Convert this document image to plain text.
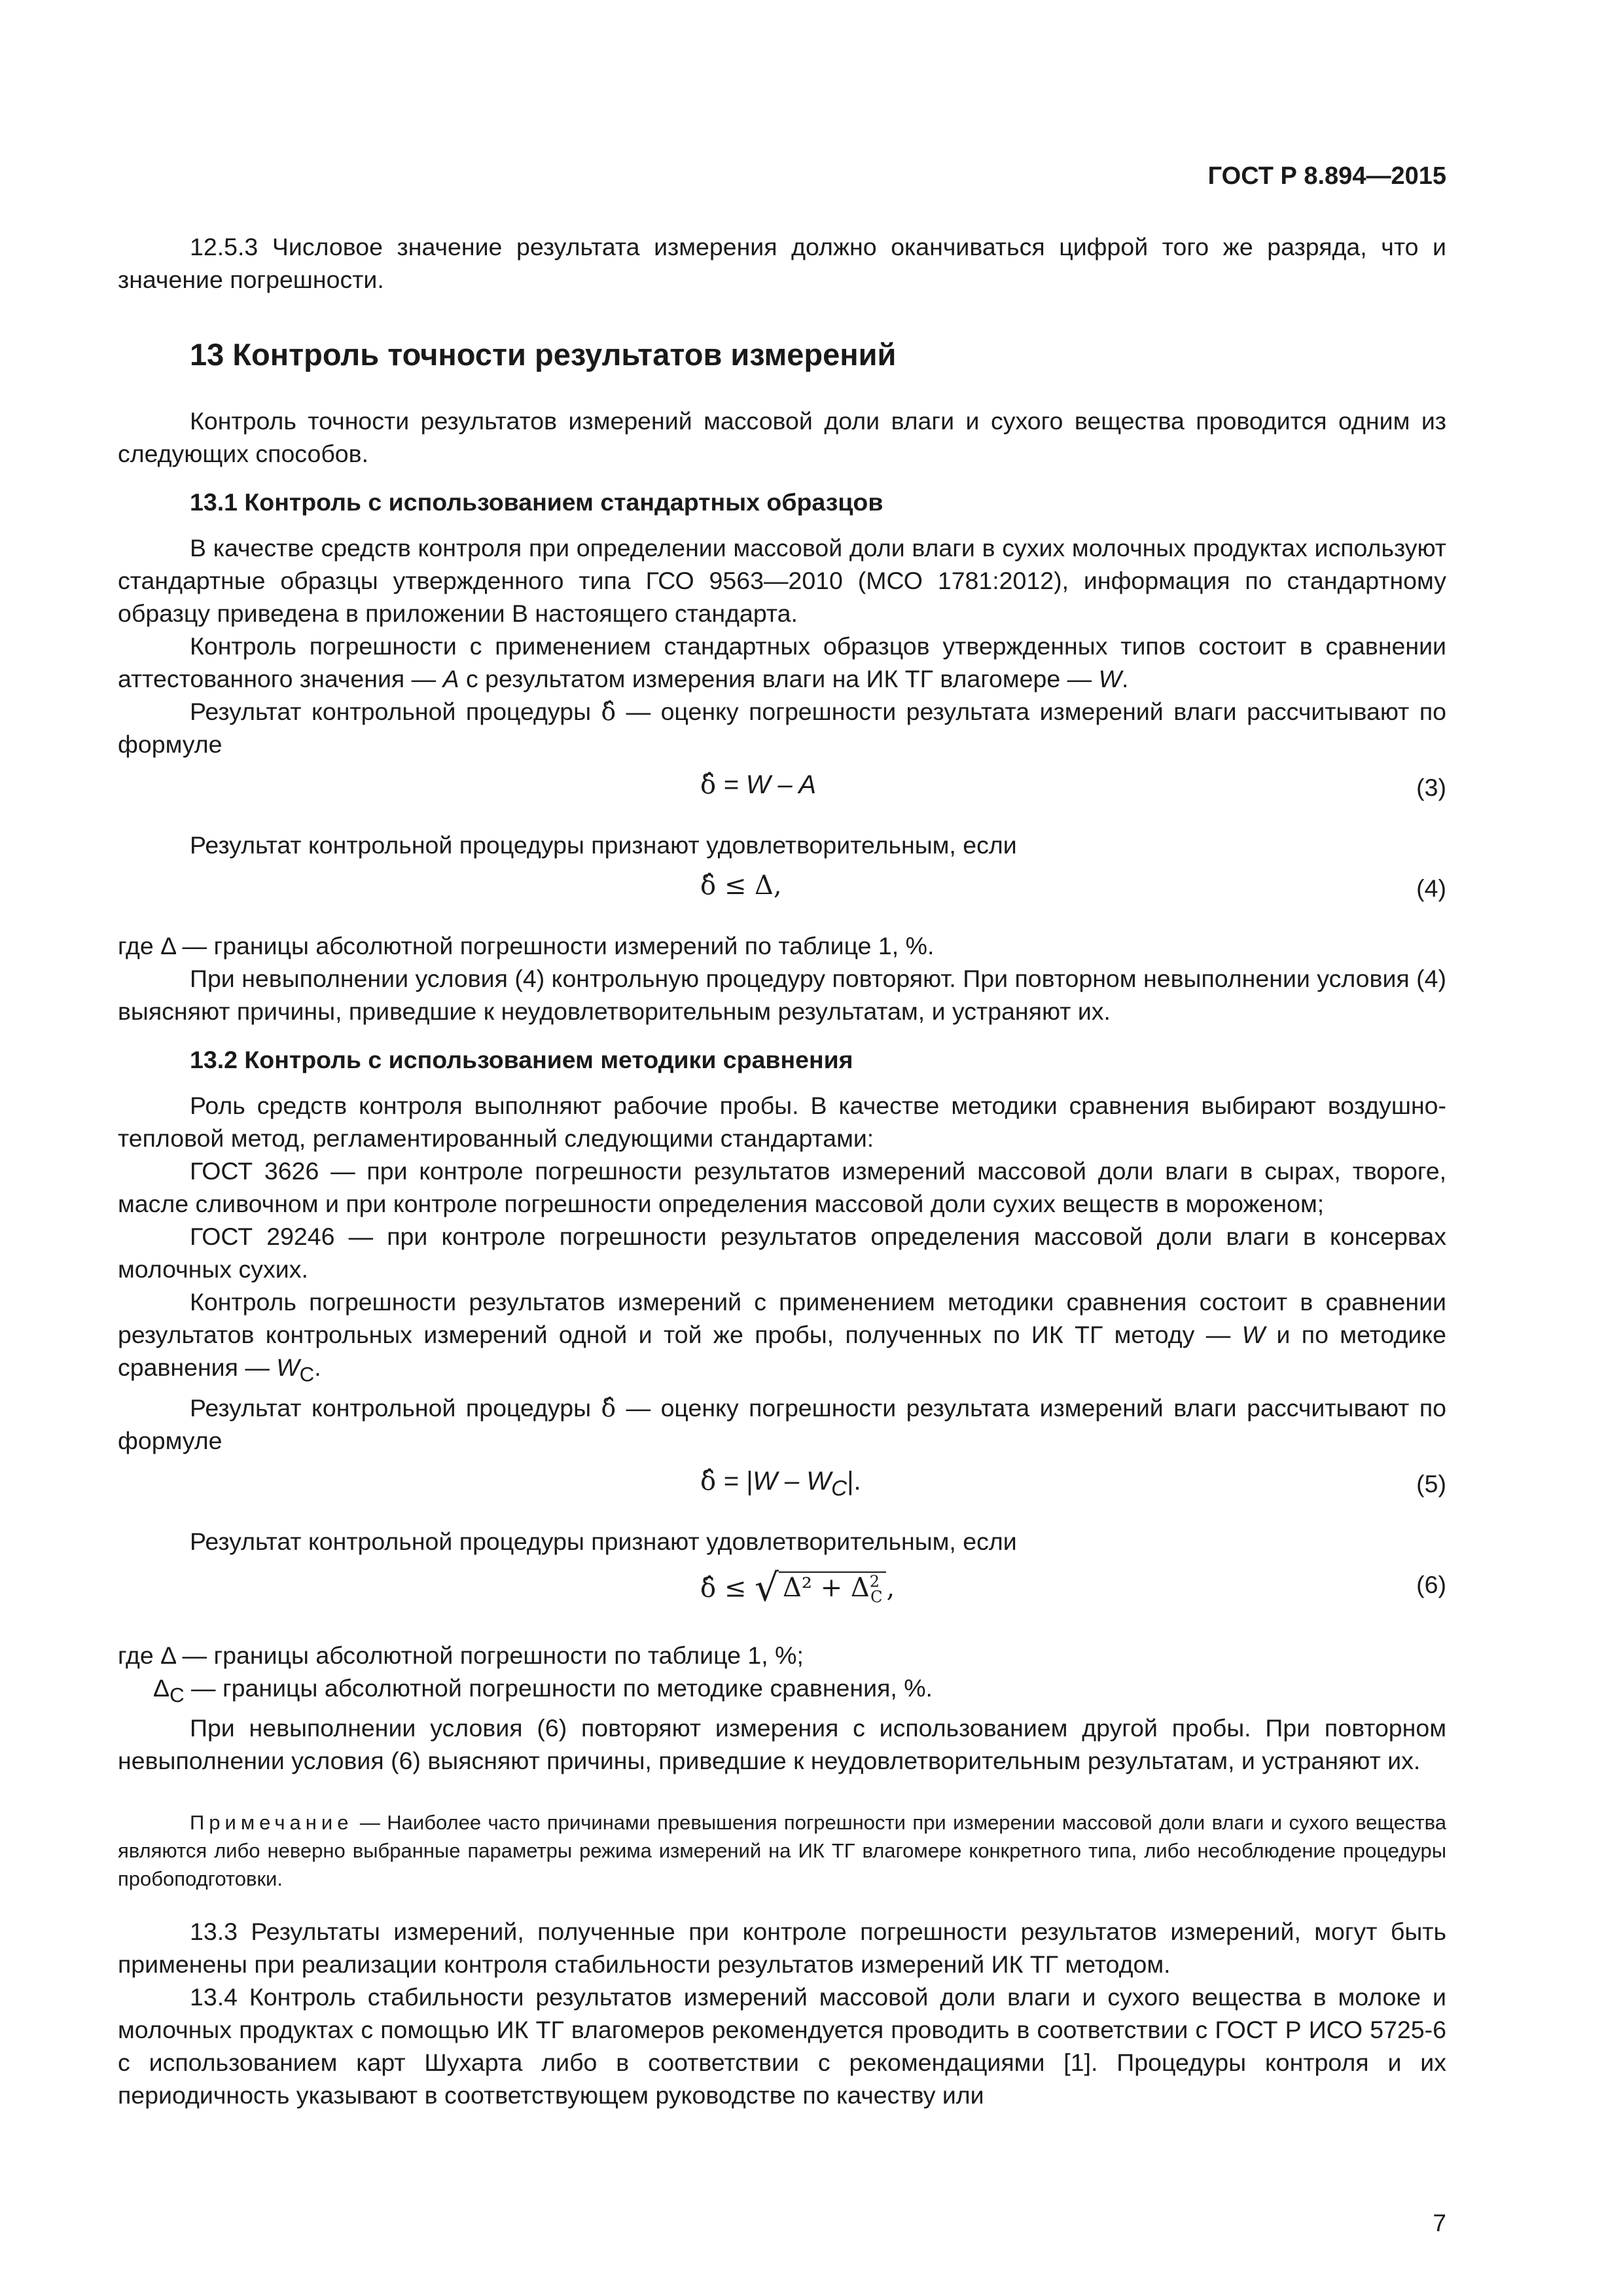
ГОСТ Р 8.894—2015

12.5.3 Числовое значение результата измерения должно оканчиваться цифрой того же разряда, что и значение погрешности.

13 Контроль точности результатов измерений

Контроль точности результатов измерений массовой доли влаги и сухого вещества проводится одним из следующих способов.

13.1 Контроль с использованием стандартных образцов

В качестве средств контроля при определении массовой доли влаги в сухих молочных продуктах используют стандартные образцы утвержденного типа ГСО 9563—2010 (МСО 1781:2012), информация по стандартному образцу приведена в приложении В настоящего стандарта.

Контроль погрешности с применением стандартных образцов утвержденных типов состоит в сравнении аттестованного значения — A с результатом измерения влаги на ИК ТГ влагомере — W.

Результат контрольной процедуры δ̂ — оценку погрешности результата измерений влаги рассчитывают по формуле

δ̂ = W – A	(3)

Результат контрольной процедуры признают удовлетворительным, если

δ̂ ≤ Δ,	(4)

где Δ — границы абсолютной погрешности измерений по таблице 1, %.

При невыполнении условия (4) контрольную процедуру повторяют. При повторном невыполнении условия (4) выясняют причины, приведшие к неудовлетворительным результатам, и устраняют их.

13.2 Контроль с использованием методики сравнения

Роль средств контроля выполняют рабочие пробы. В качестве методики сравнения выбирают воздушно-тепловой метод, регламентированный следующими стандартами:

ГОСТ 3626 — при контроле погрешности результатов измерений массовой доли влаги в сырах, твороге, масле сливочном и при контроле погрешности определения массовой доли сухих веществ в мороженом;

ГОСТ 29246 — при контроле погрешности результатов определения массовой доли влаги в консервах молочных сухих.

Контроль погрешности результатов измерений с применением методики сравнения состоит в сравнении результатов контрольных измерений одной и той же пробы, полученных по ИК ТГ методу — W и по методике сравнения — $W_C$.

Результат контрольной процедуры δ̂ — оценку погрешности результата измерений влаги рассчитывают по формуле

δ̂ = $|W - W_C|$.	(5)

Результат контрольной процедуры признают удовлетворительным, если

δ̂ ≤ √ $\Delta^2 + \Delta^2_C$ ,	(6)

где Δ — границы абсолютной погрешности по таблице 1, %;

$\Delta_C$ — границы абсолютной погрешности по методике сравнения, %.

При невыполнении условия (6) повторяют измерения с использованием другой пробы. При повторном невыполнении условия (6) выясняют причины, приведшие к неудовлетворительным результатам, и устраняют их.

Примечание — Наиболее часто причинами превышения погрешности при измерении массовой доли влаги и сухого вещества являются либо неверно выбранные параметры режима измерений на ИК ТГ влагомере конкретного типа, либо несоблюдение процедуры пробоподготовки.

13.3 Результаты измерений, полученные при контроле погрешности результатов измерений, могут быть применены при реализации контроля стабильности результатов измерений ИК ТГ методом.

13.4 Контроль стабильности результатов измерений массовой доли влаги и сухого вещества в молоке и молочных продуктах с помощью ИК ТГ влагомеров рекомендуется проводить в соответствии с ГОСТ Р ИСО 5725-6 с использованием карт Шухарта либо в соответствии с рекомендациями [1]. Процедуры контроля и их периодичность указывают в соответствующем руководстве по качеству или

7
